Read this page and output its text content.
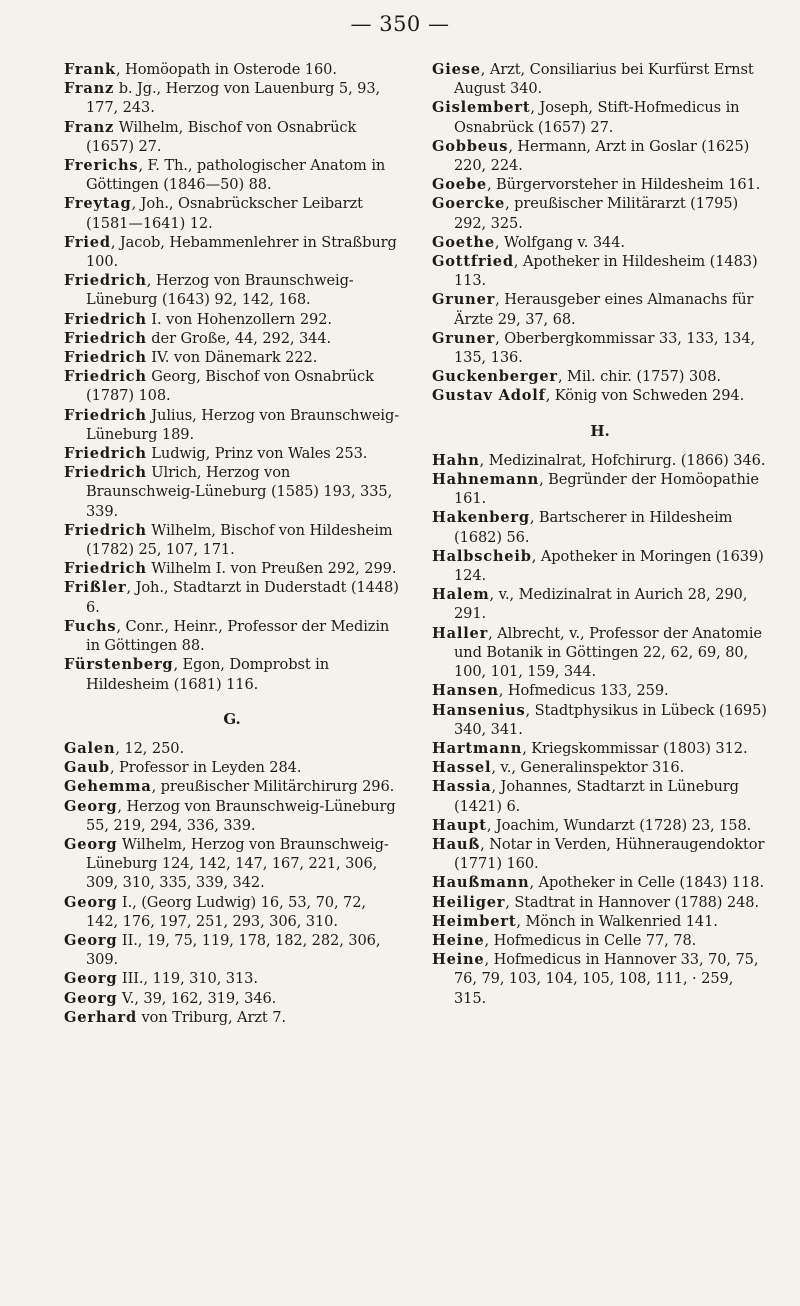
— 350 —

Frank, Homöopath in Osterode 160.

Franz b. Jg., Herzog von Lauenburg 5, 93, 177, 243.

Franz Wilhelm, Bischof von Osnabrück (1657) 27.

Frerichs, F. Th., pathologischer Anatom in Göttingen (1846—50) 88.

Freytag, Joh., Osnabrückscher Leibarzt (1581—1641) 12.

Fried, Jacob, Hebammenlehrer in Straßburg 100.

Friedrich, Herzog von Braunschweig-Lüneburg (1643) 92, 142, 168.

Friedrich I. von Hohenzollern 292.

Friedrich der Große, 44, 292, 344.

Friedrich IV. von Dänemark 222.

Friedrich Georg, Bischof von Osnabrück (1787) 108.

Friedrich Julius, Herzog von Braunschweig-Lüneburg 189.

Friedrich Ludwig, Prinz von Wales 253.

Friedrich Ulrich, Herzog von Braunschweig-Lüneburg (1585) 193, 335, 339.

Friedrich Wilhelm, Bischof von Hildesheim (1782) 25, 107, 171.

Friedrich Wilhelm I. von Preußen 292, 299.

Frißler, Joh., Stadtarzt in Duderstadt (1448) 6.

Fuchs, Conr., Heinr., Professor der Medizin in Göttingen 88.

Fürstenberg, Egon, Domprobst in Hildesheim (1681) 116.

G.

Galen, 12, 250.

Gaub, Professor in Leyden 284.

Gehemma, preußischer Militärchirurg 296.

Georg, Herzog von Braunschweig-Lüneburg 55, 219, 294, 336, 339.

Georg Wilhelm, Herzog von Braunschweig-Lüneburg 124, 142, 147, 167, 221, 306, 309, 310, 335, 339, 342.

Georg I., (Georg Ludwig) 16, 53, 70, 72, 142, 176, 197, 251, 293, 306, 310.

Georg II., 19, 75, 119, 178, 182, 282, 306, 309.

Georg III., 119, 310, 313.

Georg V., 39, 162, 319, 346.

Gerhard von Triburg, Arzt 7.

Giese, Arzt, Consiliarius bei Kurfürst Ernst August 340.

Gislembert, Joseph, Stift-Hofmedicus in Osnabrück (1657) 27.

Gobbeus, Hermann, Arzt in Goslar (1625) 220, 224.

Goebe, Bürgervorsteher in Hildesheim 161.

Goercke, preußischer Militärarzt (1795) 292, 325.

Goethe, Wolfgang v. 344.

Gottfried, Apotheker in Hildesheim (1483) 113.

Gruner, Herausgeber eines Almanachs für Ärzte 29, 37, 68.

Gruner, Oberbergkommissar 33, 133, 134, 135, 136.

Guckenberger, Mil. chir. (1757) 308.

Gustav Adolf, König von Schweden 294.

H.

Hahn, Medizinalrat, Hofchirurg. (1866) 346.

Hahnemann, Begründer der Homöopathie 161.

Hakenberg, Bartscherer in Hildesheim (1682) 56.

Halbscheib, Apotheker in Moringen (1639) 124.

Halem, v., Medizinalrat in Aurich 28, 290, 291.

Haller, Albrecht, v., Professor der Anatomie und Botanik in Göttingen 22, 62, 69, 80, 100, 101, 159, 344.

Hansen, Hofmedicus 133, 259.

Hansenius, Stadtphysikus in Lübeck (1695) 340, 341.

Hartmann, Kriegskommissar (1803) 312.

Hassel, v., Generalinspektor 316.

Hassia, Johannes, Stadtarzt in Lüneburg (1421) 6.

Haupt, Joachim, Wundarzt (1728) 23, 158.

Hauß, Notar in Verden, Hühneraugendoktor (1771) 160.

Haußmann, Apotheker in Celle (1843) 118.

Heiliger, Stadtrat in Hannover (1788) 248.

Heimbert, Mönch in Walkenried 141.

Heine, Hofmedicus in Celle 77, 78.

Heine, Hofmedicus in Hannover 33, 70, 75, 76, 79, 103, 104, 105, 108, 111, · 259, 315.
